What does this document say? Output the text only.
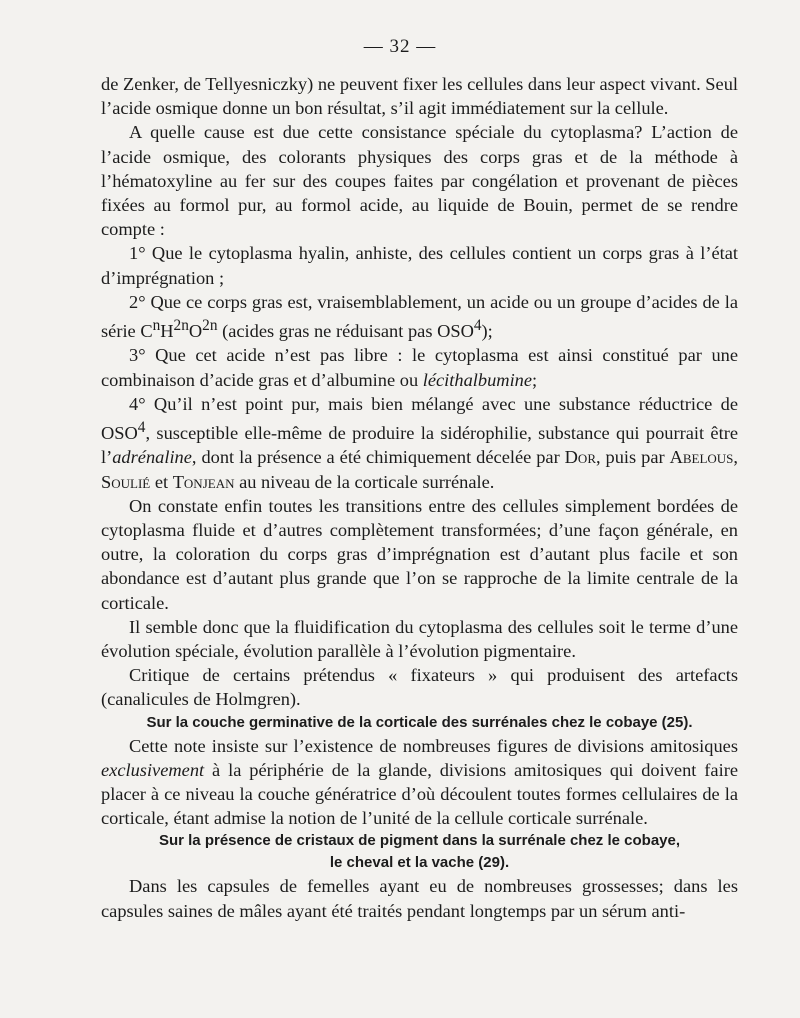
— 32 —

de Zenker, de Tellyesniczky) ne peuvent fixer les cellules dans leur aspect vivant. Seul l’acide osmique donne un bon résultat, s’il agit immédiatement sur la cellule.

A quelle cause est due cette consistance spéciale du cytoplasma? L’action de l’acide osmique, des colorants physiques des corps gras et de la méthode à l’hématoxyline au fer sur des coupes faites par congélation et provenant de pièces fixées au formol pur, au formol acide, au liquide de Bouin, permet de se rendre compte :

1° Que le cytoplasma hyalin, anhiste, des cellules contient un corps gras à l’état d’imprégnation ;

2° Que ce corps gras est, vraisemblablement, un acide ou un groupe d’acides de la série $C^nH^{2n}O^{2n}$ (acides gras ne réduisant pas OSO$^4$);

3° Que cet acide n’est pas libre : le cytoplasma est ainsi constitué par une combinaison d’acide gras et d’albumine ou lécithalbumine;

4° Qu’il n’est point pur, mais bien mélangé avec une substance réductrice de OSO$^4$, susceptible elle-même de produire la sidérophilie, substance qui pourrait être l’adrénaline, dont la présence a été chimiquement décelée par Dor, puis par Abelous, Soulié et Tonjean au niveau de la corticale surrénale.

On constate enfin toutes les transitions entre des cellules simplement bordées de cytoplasma fluide et d’autres complètement transformées; d’une façon générale, en outre, la coloration du corps gras d’imprégnation est d’autant plus facile et son abondance est d’autant plus grande que l’on se rapproche de la limite centrale de la corticale.

Il semble donc que la fluidification du cytoplasma des cellules soit le terme d’une évolution spéciale, évolution parallèle à l’évolution pigmentaire.

Critique de certains prétendus « fixateurs » qui produisent des artefacts (canalicules de Holmgren).

Sur la couche germinative de la corticale des surrénales chez le cobaye (25).

Cette note insiste sur l’existence de nombreuses figures de divisions amitosiques exclusivement à la périphérie de la glande, divisions amitosiques qui doivent faire placer à ce niveau la couche génératrice d’où découlent toutes formes cellulaires de la corticale, étant admise la notion de l’unité de la cellule corticale surrénale.

Sur la présence de cristaux de pigment dans la surrénale chez le cobaye,
le cheval et la vache (29).

Dans les capsules de femelles ayant eu de nombreuses grossesses; dans les capsules saines de mâles ayant été traités pendant longtemps par un sérum anti-
